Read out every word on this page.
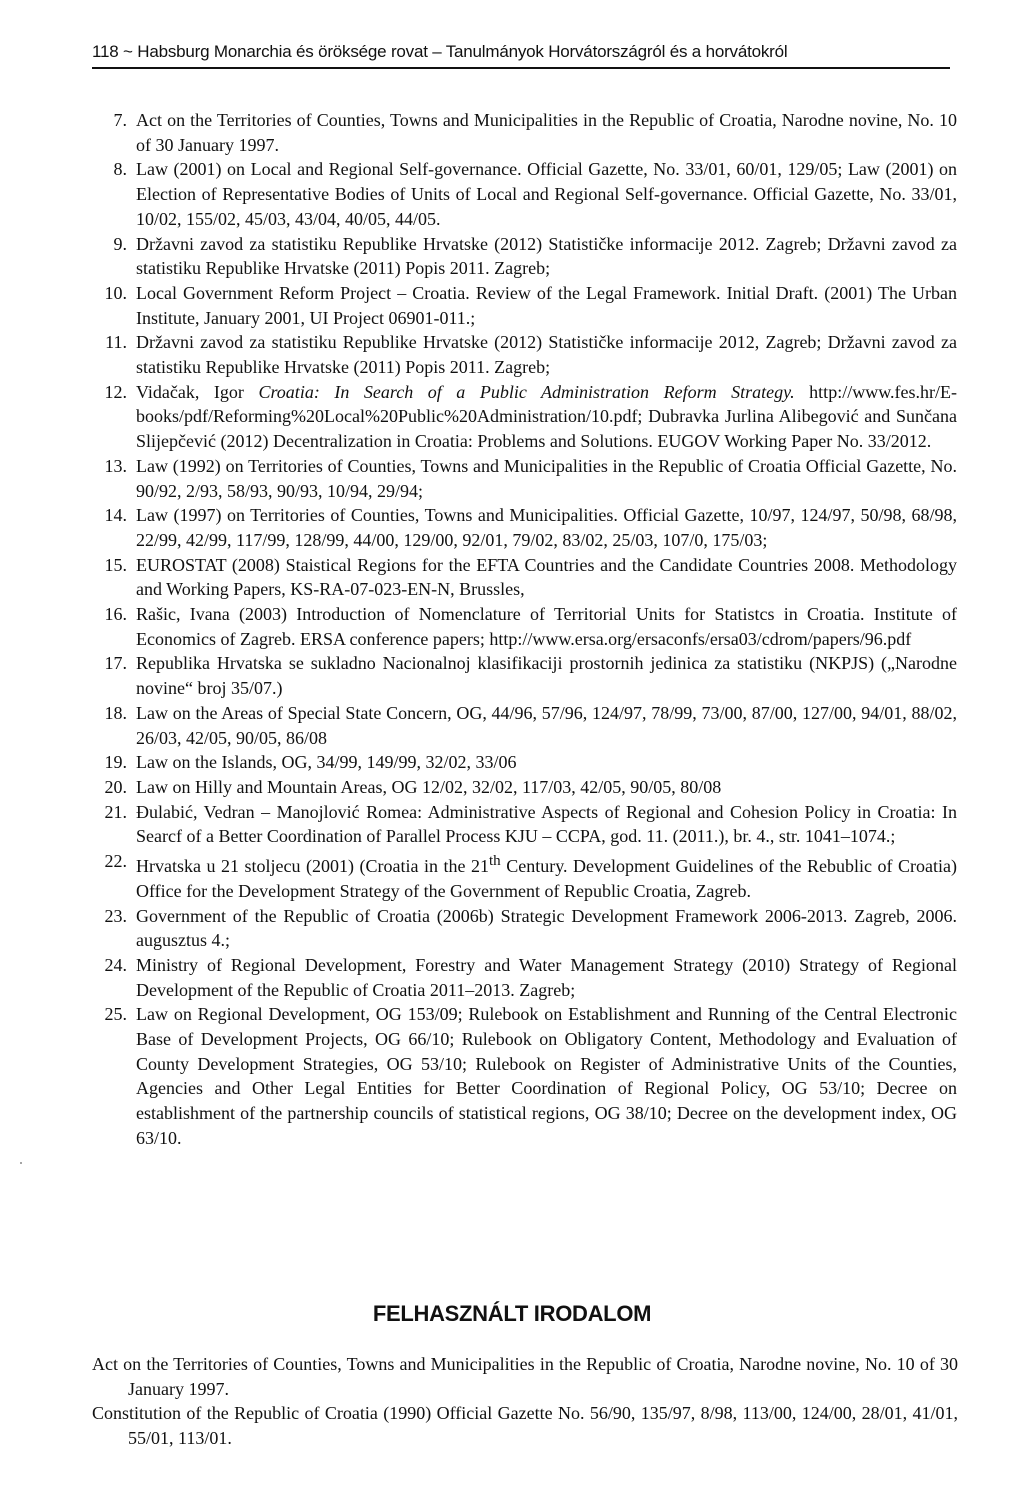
118 ~ Habsburg Monarchia és öröksége rovat – Tanulmányok Horvátországról és a horvátokról
7. Act on the Territories of Counties, Towns and Municipalities in the Republic of Croatia, Narodne novine, No. 10 of 30 January 1997.
8. Law (2001) on Local and Regional Self-governance. Official Gazette, No. 33/01, 60/01, 129/05; Law (2001) on Election of Representative Bodies of Units of Local and Regional Self-governance. Official Gazette, No. 33/01, 10/02, 155/02, 45/03, 43/04, 40/05, 44/05.
9. Državni zavod za statistiku Republike Hrvatske (2012) Statističke informacije 2012. Zagreb; Državni zavod za statistiku Republike Hrvatske (2011) Popis 2011. Zagreb;
10. Local Government Reform Project – Croatia. Review of the Legal Framework. Initial Draft. (2001) The Urban Institute, January 2001, UI Project 06901-011.;
11. Državni zavod za statistiku Republike Hrvatske (2012) Statističke informacije 2012, Zagreb; Državni zavod za statistiku Republike Hrvatske (2011) Popis 2011. Zagreb;
12. Vidačak, Igor Croatia: In Search of a Public Administration Reform Strategy. http://www.fes.hr/E-books/pdf/Reforming%20Local%20Public%20Administration/10.pdf; Dubravka Jurlina Alibegović and Sunčana Slijepčević (2012) Decentralization in Croatia: Problems and Solutions. EUGOV Working Paper No. 33/2012.
13. Law (1992) on Territories of Counties, Towns and Municipalities in the Republic of Croatia Official Gazette, No. 90/92, 2/93, 58/93, 90/93, 10/94, 29/94;
14. Law (1997) on Territories of Counties, Towns and Municipalities. Official Gazette, 10/97, 124/97, 50/98, 68/98, 22/99, 42/99, 117/99, 128/99, 44/00, 129/00, 92/01, 79/02, 83/02, 25/03, 107/0, 175/03;
15. EUROSTAT (2008) Staistical Regions for the EFTA Countries and the Candidate Countries 2008. Methodology and Working Papers, KS-RA-07-023-EN-N, Brussles,
16. Rašic, Ivana (2003) Introduction of Nomenclature of Territorial Units for Statistcs in Croatia. Institute of Economics of Zagreb. ERSA conference papers; http://www.ersa.org/ersaconfs/ersa03/cdrom/papers/96.pdf
17. Republika Hrvatska se sukladno Nacionalnoj klasifikaciji prostornih jedinica za statistiku (NKPJS) („Narodne novine“ broj 35/07.)
18. Law on the Areas of Special State Concern, OG, 44/96, 57/96, 124/97, 78/99, 73/00, 87/00, 127/00, 94/01, 88/02, 26/03, 42/05, 90/05, 86/08
19. Law on the Islands, OG, 34/99, 149/99, 32/02, 33/06
20. Law on Hilly and Mountain Areas, OG 12/02, 32/02, 117/03, 42/05, 90/05, 80/08
21. Đulabić, Vedran – Manojlović Romea: Administrative Aspects of Regional and Cohesion Policy in Croatia: In Searcf of a Better Coordination of Parallel Process KJU – CCPA, god. 11. (2011.), br. 4., str. 1041–1074.;
22. Hrvatska u 21 stoljecu (2001) (Croatia in the 21th Century. Development Guidelines of the Rebublic of Croatia) Office for the Development Strategy of the Government of Republic Croatia, Zagreb.
23. Government of the Republic of Croatia (2006b) Strategic Development Framework 2006-2013. Zagreb, 2006. augusztus 4.;
24. Ministry of Regional Development, Forestry and Water Management Strategy (2010) Strategy of Regional Development of the Republic of Croatia 2011–2013. Zagreb;
25. Law on Regional Development, OG 153/09; Rulebook on Establishment and Running of the Central Electronic Base of Development Projects, OG 66/10; Rulebook on Obligatory Content, Methodology and Evaluation of County Development Strategies, OG 53/10; Rulebook on Register of Administrative Units of the Counties, Agencies and Other Legal Entities for Better Coordination of Regional Policy, OG 53/10; Decree on establishment of the partnership councils of statistical regions, OG 38/10; Decree on the development index, OG 63/10.
FELHASZNÁLT IRODALOM
Act on the Territories of Counties, Towns and Municipalities in the Republic of Croatia, Narodne novine, No. 10 of 30 January 1997.
Constitution of the Republic of Croatia (1990) Official Gazette No. 56/90, 135/97, 8/98, 113/00, 124/00, 28/01, 41/01, 55/01, 113/01.
